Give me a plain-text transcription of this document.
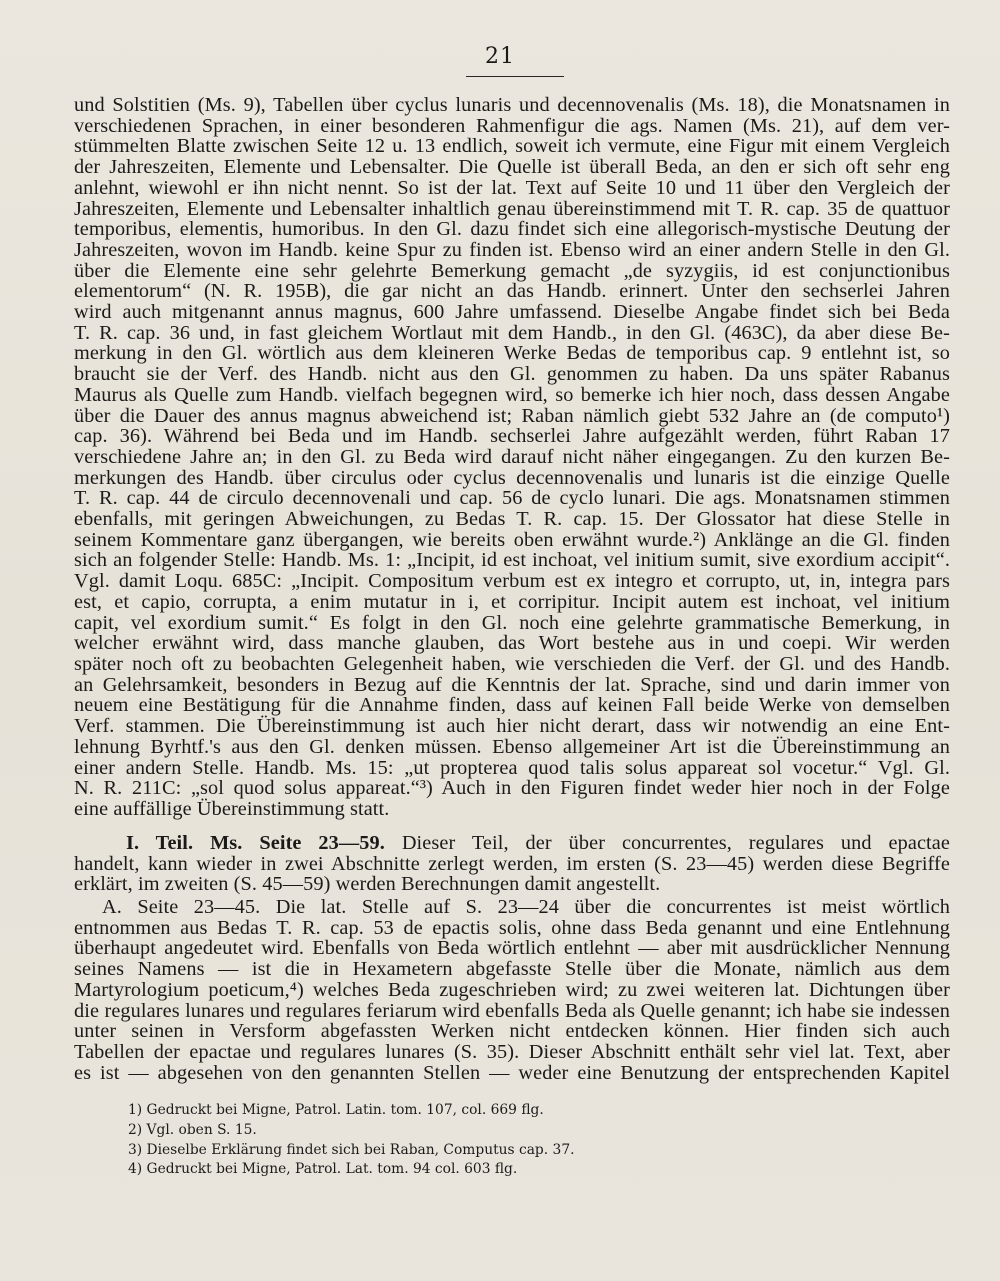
21
und Solstitien (Ms. 9), Tabellen über cyclus lunaris und decennovenalis (Ms. 18), die Monatsnamen in
verschiedenen Sprachen, in einer besonderen Rahmenfigur die ags. Namen (Ms. 21), auf dem ver-
stümmelten Blatte zwischen Seite 12 u. 13 endlich, soweit ich vermute, eine Figur mit einem Vergleich
der Jahreszeiten, Elemente und Lebensalter. Die Quelle ist überall Beda, an den er sich oft sehr eng
anlehnt, wiewohl er ihn nicht nennt. So ist der lat. Text auf Seite 10 und 11 über den Vergleich der
Jahreszeiten, Elemente und Lebensalter inhaltlich genau übereinstimmend mit T. R. cap. 35 de quattuor
temporibus, elementis, humoribus. In den Gl. dazu findet sich eine allegorisch-mystische Deutung der
Jahreszeiten, wovon im Handb. keine Spur zu finden ist. Ebenso wird an einer andern Stelle in den Gl.
über die Elemente eine sehr gelehrte Bemerkung gemacht „de syzygiis, id est conjunctionibus
elementorum“ (N. R. 195B), die gar nicht an das Handb. erinnert. Unter den sechserlei Jahren
wird auch mitgenannt annus magnus, 600 Jahre umfassend. Dieselbe Angabe findet sich bei Beda
T. R. cap. 36 und, in fast gleichem Wortlaut mit dem Handb., in den Gl. (463C), da aber diese Be-
merkung in den Gl. wörtlich aus dem kleineren Werke Bedas de temporibus cap. 9 entlehnt ist, so
braucht sie der Verf. des Handb. nicht aus den Gl. genommen zu haben. Da uns später Rabanus
Maurus als Quelle zum Handb. vielfach begegnen wird, so bemerke ich hier noch, dass dessen Angabe
über die Dauer des annus magnus abweichend ist; Raban nämlich giebt 532 Jahre an (de computo¹)
cap. 36). Während bei Beda und im Handb. sechserlei Jahre aufgezählt werden, führt Raban 17
verschiedene Jahre an; in den Gl. zu Beda wird darauf nicht näher eingegangen. Zu den kurzen Be-
merkungen des Handb. über circulus oder cyclus decennovenalis und lunaris ist die einzige Quelle
T. R. cap. 44 de circulo decennovenali und cap. 56 de cyclo lunari. Die ags. Monatsnamen stimmen
ebenfalls, mit geringen Abweichungen, zu Bedas T. R. cap. 15. Der Glossator hat diese Stelle in
seinem Kommentare ganz übergangen, wie bereits oben erwähnt wurde.²) Anklänge an die Gl. finden
sich an folgender Stelle: Handb. Ms. 1: „Incipit, id est inchoat, vel initium sumit, sive exordium accipit“.
Vgl. damit Loqu. 685C: „Incipit. Compositum verbum est ex integro et corrupto, ut, in, integra pars
est, et capio, corrupta, a enim mutatur in i, et corripitur. Incipit autem est inchoat, vel initium
capit, vel exordium sumit.“ Es folgt in den Gl. noch eine gelehrte grammatische Bemerkung, in
welcher erwähnt wird, dass manche glauben, das Wort bestehe aus in und coepi. Wir werden
später noch oft zu beobachten Gelegenheit haben, wie verschieden die Verf. der Gl. und des Handb.
an Gelehrsamkeit, besonders in Bezug auf die Kenntnis der lat. Sprache, sind und darin immer von
neuem eine Bestätigung für die Annahme finden, dass auf keinen Fall beide Werke von demselben
Verf. stammen. Die Übereinstimmung ist auch hier nicht derart, dass wir notwendig an eine Ent-
lehnung Byrhtf.'s aus den Gl. denken müssen. Ebenso allgemeiner Art ist die Übereinstimmung an
einer andern Stelle. Handb. Ms. 15: „ut propterea quod talis solus appareat sol vocetur.“ Vgl. Gl.
N. R. 211C: „sol quod solus appareat.“³) Auch in den Figuren findet weder hier noch in der Folge
eine auffällige Übereinstimmung statt.
I. Teil. Ms. Seite 23—59. Dieser Teil, der über concurrentes, regulares und epactae
handelt, kann wieder in zwei Abschnitte zerlegt werden, im ersten (S. 23—45) werden diese Begriffe
erklärt, im zweiten (S. 45—59) werden Berechnungen damit angestellt.
A. Seite 23—45. Die lat. Stelle auf S. 23—24 über die concurrentes ist meist wörtlich
entnommen aus Bedas T. R. cap. 53 de epactis solis, ohne dass Beda genannt und eine Entlehnung
überhaupt angedeutet wird. Ebenfalls von Beda wörtlich entlehnt — aber mit ausdrücklicher Nennung
seines Namens — ist die in Hexametern abgefasste Stelle über die Monate, nämlich aus dem
Martyrologium poeticum,⁴) welches Beda zugeschrieben wird; zu zwei weiteren lat. Dichtungen über
die regulares lunares und regulares feriarum wird ebenfalls Beda als Quelle genannt; ich habe sie indessen
unter seinen in Versform abgefassten Werken nicht entdecken können. Hier finden sich auch
Tabellen der epactae und regulares lunares (S. 35). Dieser Abschnitt enthält sehr viel lat. Text, aber
es ist — abgesehen von den genannten Stellen — weder eine Benutzung der entsprechenden Kapitel
1) Gedruckt bei Migne, Patrol. Latin. tom. 107, col. 669 flg.
2) Vgl. oben S. 15.
3) Dieselbe Erklärung findet sich bei Raban, Computus cap. 37.
4) Gedruckt bei Migne, Patrol. Lat. tom. 94 col. 603 flg.
